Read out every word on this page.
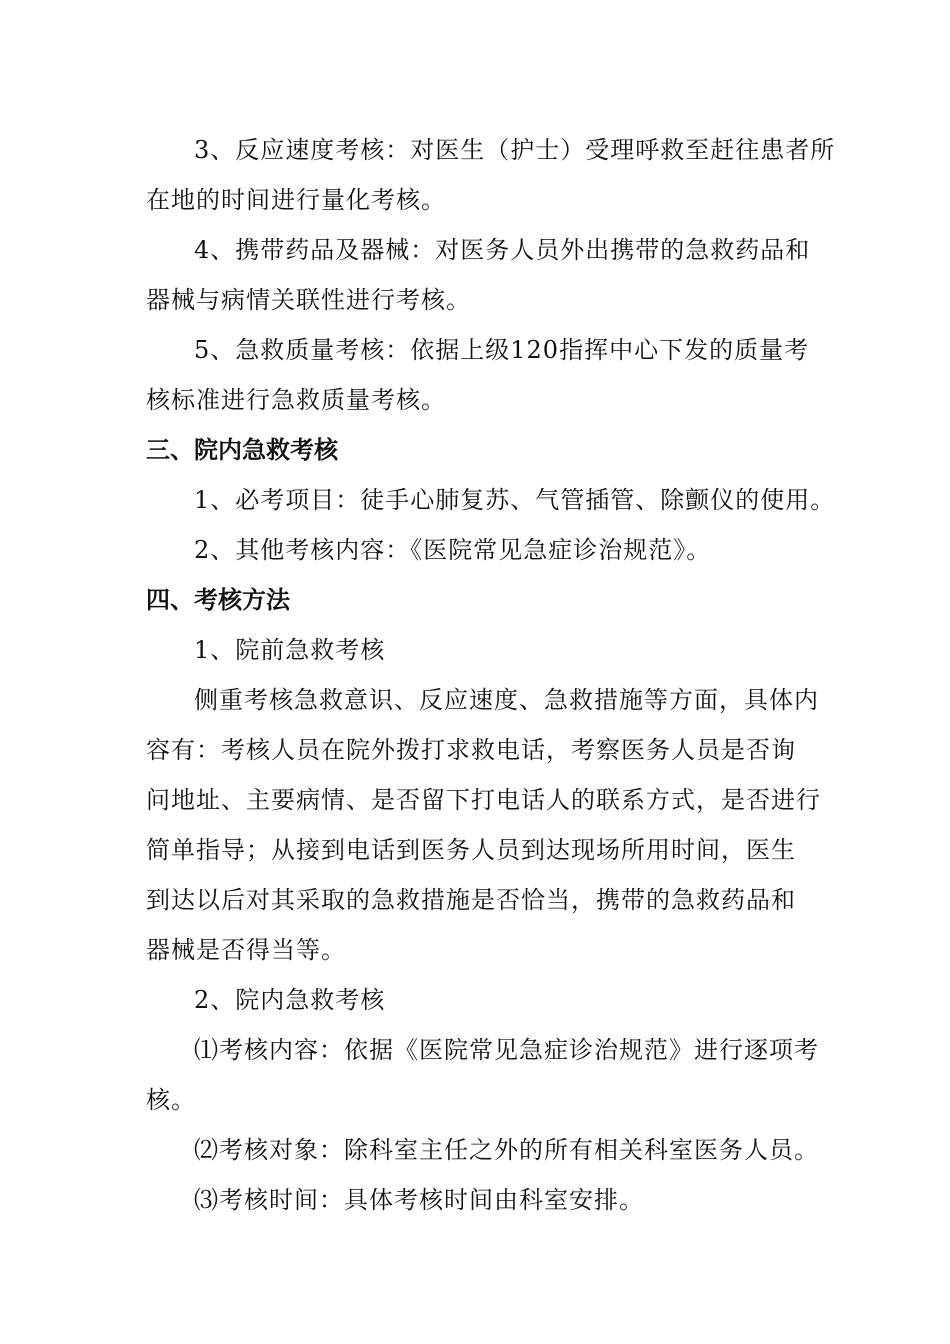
3、反应速度考核：对医生（护士）受理呼救至赶往患者所
在地的时间进行量化考核。
4、携带药品及器械：对医务人员外出携带的急救药品和
器械与病情关联性进行考核。
5、急救质量考核：依据上级120指挥中心下发的质量考
核标准进行急救质量考核。
三、院内急救考核
1、必考项目：徒手心肺复苏、气管插管、除颤仪的使用。
2、其他考核内容：《医院常见急症诊治规范》。
四、考核方法
1、院前急救考核
侧重考核急救意识、反应速度、急救措施等方面，具体内
容有：考核人员在院外拨打求救电话，考察医务人员是否询
问地址、主要病情、是否留下打电话人的联系方式，是否进行
简单指导；从接到电话到医务人员到达现场所用时间，医生
到达以后对其采取的急救措施是否恰当，携带的急救药品和
器械是否得当等。
2、院内急救考核
⑴考核内容：依据《医院常见急症诊治规范》进行逐项考
核。
⑵考核对象：除科室主任之外的所有相关科室医务人员。
⑶考核时间：具体考核时间由科室安排。
